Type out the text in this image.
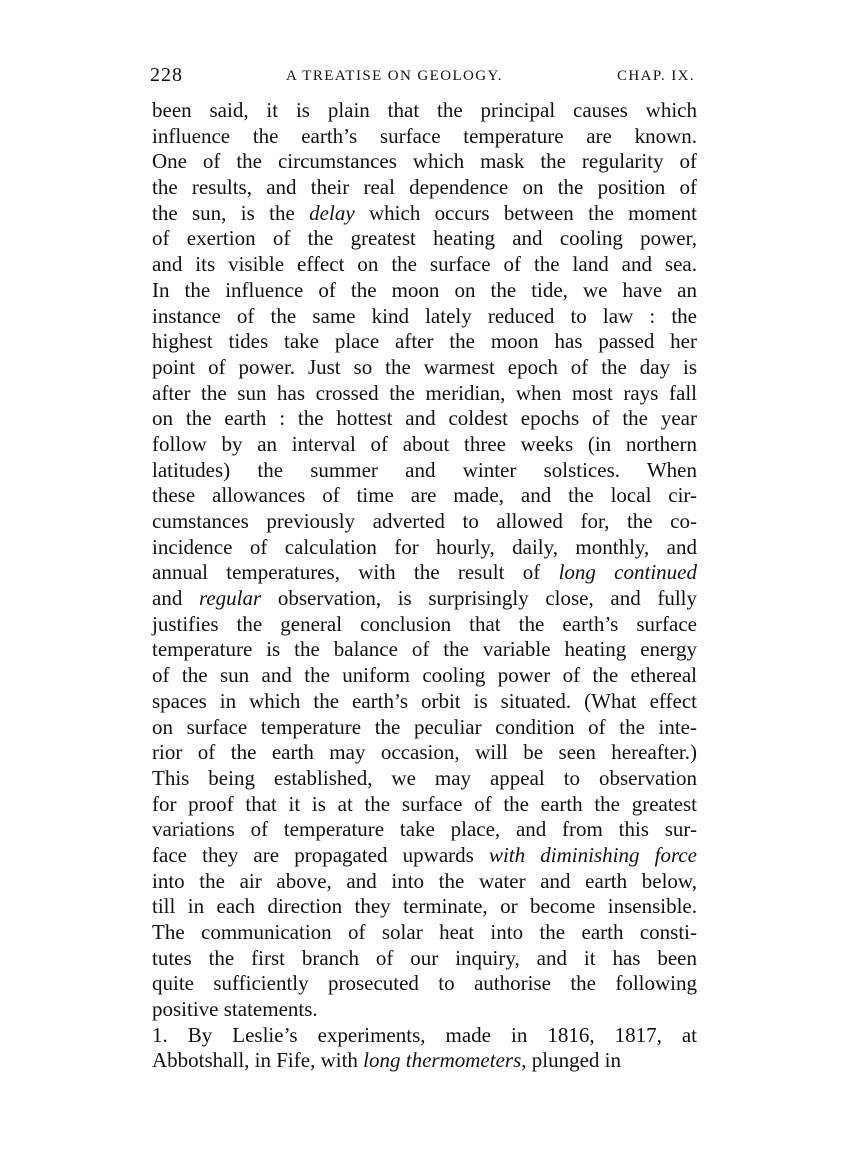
228	A TREATISE ON GEOLOGY.	CHAP. IX.
been said, it is plain that the principal causes which
influence the earth’s surface temperature are known.
One of the circumstances which mask the regularity of
the results, and their real dependence on the position of
the sun, is the delay which occurs between the moment
of exertion of the greatest heating and cooling power,
and its visible effect on the surface of the land and sea.
In the influence of the moon on the tide, we have an
instance of the same kind lately reduced to law : the
highest tides take place after the moon has passed her
point of power. Just so the warmest epoch of the day is
after the sun has crossed the meridian, when most rays fall
on the earth : the hottest and coldest epochs of the year
follow by an interval of about three weeks (in northern
latitudes) the summer and winter solstices. When
these allowances of time are made, and the local cir-
cumstances previously adverted to allowed for, the co-
incidence of calculation for hourly, daily, monthly, and
annual temperatures, with the result of long continued
and regular observation, is surprisingly close, and fully
justifies the general conclusion that the earth’s surface
temperature is the balance of the variable heating energy
of the sun and the uniform cooling power of the ethereal
spaces in which the earth’s orbit is situated. (What effect
on surface temperature the peculiar condition of the inte-
rior of the earth may occasion, will be seen hereafter.)
This being established, we may appeal to observation
for proof that it is at the surface of the earth the greatest
variations of temperature take place, and from this sur-
face they are propagated upwards with diminishing force
into the air above, and into the water and earth below,
till in each direction they terminate, or become insensible.
The communication of solar heat into the earth consti-
tutes the first branch of our inquiry, and it has been
quite sufficiently prosecuted to authorise the following
positive statements.
1. By Leslie’s experiments, made in 1816, 1817, at
Abbotshall, in Fife, with long thermometers, plunged in
